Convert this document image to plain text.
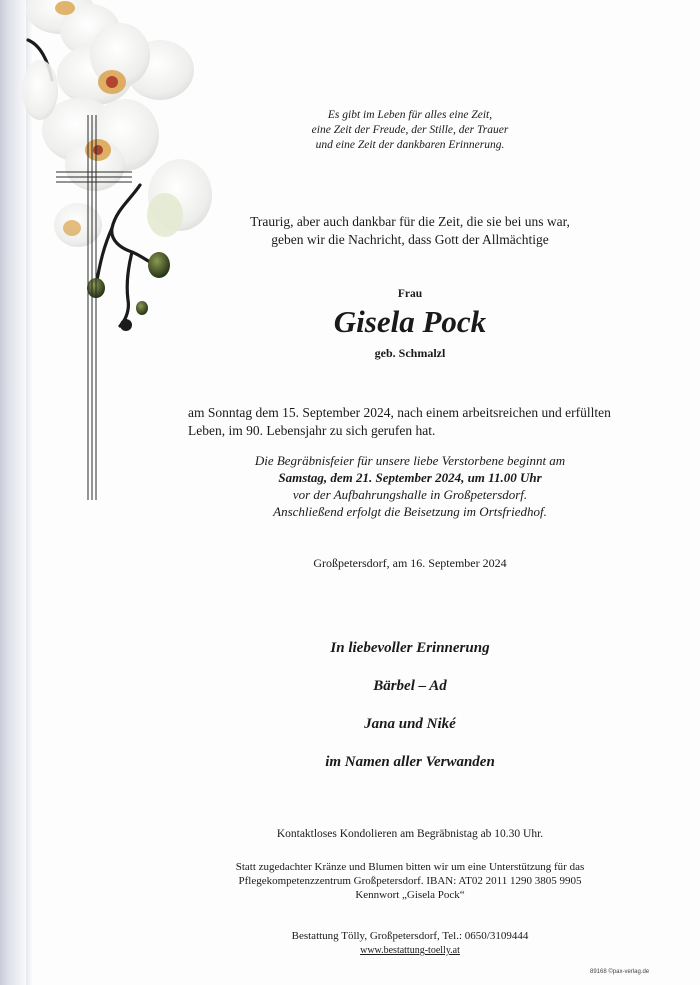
Es gibt im Leben für alles eine Zeit,
eine Zeit der Freude, der Stille, der Trauer
und eine Zeit der dankbaren Erinnerung.
Traurig, aber auch dankbar für die Zeit, die sie bei uns war,
geben wir die Nachricht, dass Gott der Allmächtige
Frau
Gisela Pock
geb. Schmalzl
am Sonntag dem 15. September 2024, nach einem arbeitsreichen und erfüllten
Leben, im 90. Lebensjahr zu sich gerufen hat.
Die Begräbnisfeier für unsere liebe Verstorbene beginnt am
Samstag, dem 21. September 2024, um 11.00 Uhr
vor der Aufbahrungshalle in Großpetersdorf.
Anschließend erfolgt die Beisetzung im Ortsfriedhof.
Großpetersdorf, am 16. September 2024
In liebevoller Erinnerung
Bärbel – Ad
Jana und Niké
im Namen aller Verwanden
Kontaktloses Kondolieren am Begräbnistag ab 10.30 Uhr.
Statt zugedachter Kränze und Blumen bitten wir um eine Unterstützung für das
Pflegekompetenzzentrum Großpetersdorf. IBAN: AT02 2011 1290 3805 9905
Kennwort „Gisela Pock“
Bestattung Tölly, Großpetersdorf, Tel.: 0650/3109444
www.bestattung-toelly.at
89168 ©pax-verlag.de
